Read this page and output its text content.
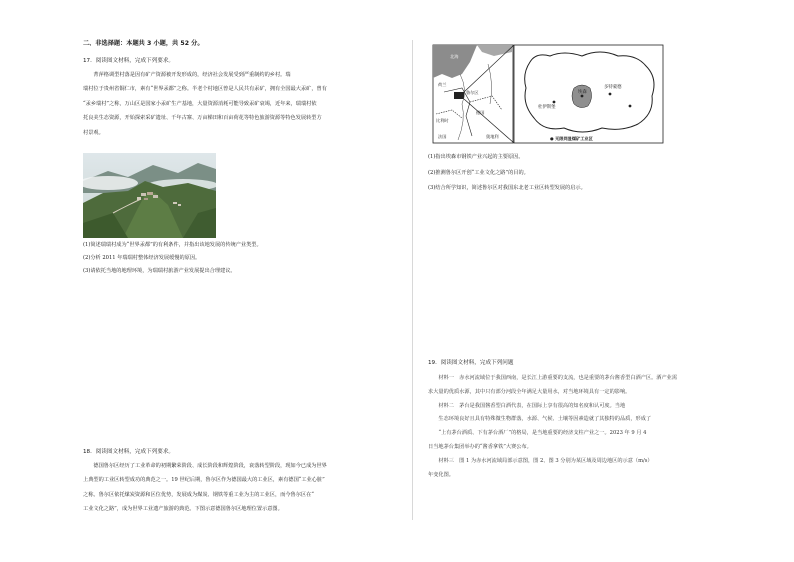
二、非选择题：本题共 3 小题，共 52 分。
17．阅读图文材料，完成下列要求。
　　菁萍格调型村落是因有矿产资源被开发形成的，经济社会发展受到严重制约的乡村。瑞
瑞村位于贵州省铜仁市，素有“世界汞都”之称。半老个村地区曾是人民共有汞矿，拥有全国最大汞矿，曾有
“汞乡瑞村”之称，万山区是国家小汞矿生产基地，大量资源消耗可能导致汞矿衰竭，近年来，瑞瑞村依
托良美生态资源，开始探索采矿遗址、千年古寨、万亩梯田和百亩荷花等特色旅游资源等特色发展转型方
村景观。
(1)简述瑞瑞村成为“世界汞都”的有利条件，并指出该地发展的传统产业类型。
(2)分析 2011 年瑞瑞村整体经济发展缓慢的原因。
(3)请依托当地的地理环境，为瑞瑞村旅游产业发展提出合理建议。
18．阅读图文材料，完成下列要求。
　　德国鲁尔区经历了工业革命的初期繁荣阶段、成长阶段和辉煌阶段，衰落转型阶段，现如今已成为世界
上典型的工业区转型成功的典范之一。19 世纪后期，鲁尔区作为德国最大的工业区，素有德国“工业心脏”
之称。鲁尔区依托煤炭资源和区位优势，发展成为煤炭、钢铁等重工业为主的工业区，而今鲁尔区在“
工业文化之路”，成为世界工业遗产旅游的典范。下图示意德国鲁尔区地理位置示意图。
北海
荷兰
德国
奥地利
法国
比利时
鲁尔区
多特蒙德
杜伊斯堡
埃森
● 无限同显煤矿工业区
(1)指出埃森市钢铁产业兴起的主要原因。
(2)推测鲁尔区开创“工业文化之路”的目的。
(3)结合所学知识，简述鲁尔区对我国东北老工业区转型发展的启示。
19．阅读图文材料，完成下列问题
　　材料一　赤水河流域位于我国西南，是长江上游重要的支流，也是重要的茅台酱香型白酒产区。酒产业需
求大量的优质水源，其中只有部分河段全年满足大量用水，对当地环境具有一定的影响。
　　材料二　茅台是我国酱香型白酒代表，在国际上享有很高的知名度和认可度。当地
　　生态环境良好且具有特殊微生物群落，水源、气候、土壤等因素造就了其独特的品质，形成了
　　“上有茅台酒质、下有茅台酒厂”的格局，是当地重要的经济支柱产业之一。2023 年 9 月 4
日当地茅台集团举办的“酱香拿铁”大赛公布。
　　材料三　图 1 为赤水河流域局部示意图，图 2、图 3 分别为某区域及周边地区的示意（m/s）
年变化图。
